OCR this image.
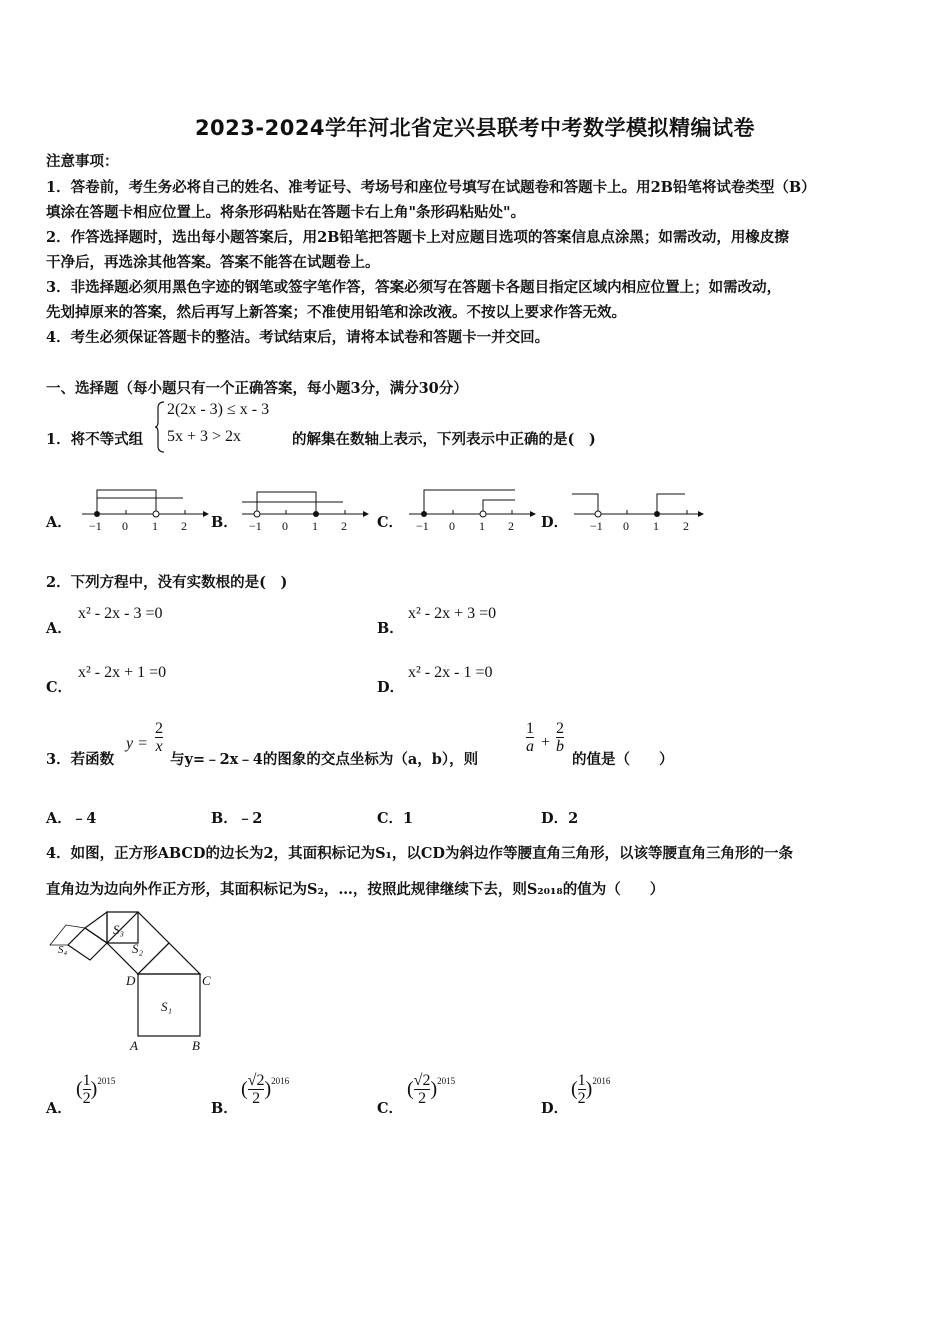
2023-2024学年河北省定兴县联考中考数学模拟精编试卷
注意事项：
1．答卷前，考生务必将自己的姓名、准考证号、考场号和座位号填写在试题卷和答题卡上。用2B铅笔将试卷类型（B）
填涂在答题卡相应位置上。将条形码粘贴在答题卡右上角"条形码粘贴处"。
2．作答选择题时，选出每小题答案后，用2B铅笔把答题卡上对应题目选项的答案信息点涂黑；如需改动，用橡皮擦
干净后，再选涂其他答案。答案不能答在试题卷上。
3．非选择题必须用黑色字迹的钢笔或签字笔作答，答案必须写在答题卡各题目指定区域内相应位置上；如需改动，
先划掉原来的答案，然后再写上新答案；不准使用铅笔和涂改液。不按以上要求作答无效。
4．考生必须保证答题卡的整洁。考试结束后，请将本试卷和答题卡一并交回。
一、选择题（每小题只有一个正确答案，每小题3分，满分30分）
1．将不等式组
2(2x - 3) ≤ x - 3
5x + 3 > 2x	的解集在数轴上表示，下列表示中正确的是(　)
A．	B．	C．	D．
−1 0 1 2	−1 0 1 2	−1 0 1 2	−1 0 1 2
2．下列方程中，没有实数根的是(　)
A．
x² - 2x - 3 =0
B．
x² - 2x + 3 =0
C．
x² - 2x + 1 =0
D．
x² - 2x - 1 =0
3．若函数
$y = \frac{2}{x}$
与y=﹣2x﹣4的图象的交点坐标为（a，b），则
$\frac{1}{a} + \frac{2}{b}$
的值是（　　）
A．﹣4	B．﹣2	C．1	D．2
4．如图，正方形ABCD的边长为2，其面积标记为S₁，以CD为斜边作等腰直角三角形，以该等腰直角三角形的一条
直角边为边向外作正方形，其面积标记为S₂，…，按照此规律继续下去，则S₂₀₁₈的值为（　　）
S₁
S₂
S₃
S₄
D	C
A	B
A．
( $\frac{1}{2} )^{2015}$
B．
( $\frac{√2}{2} )^{2016}$
C．
( $\frac{√2}{2} )^{2015}$
D．
( $\frac{1}{2} )^{2016}$
